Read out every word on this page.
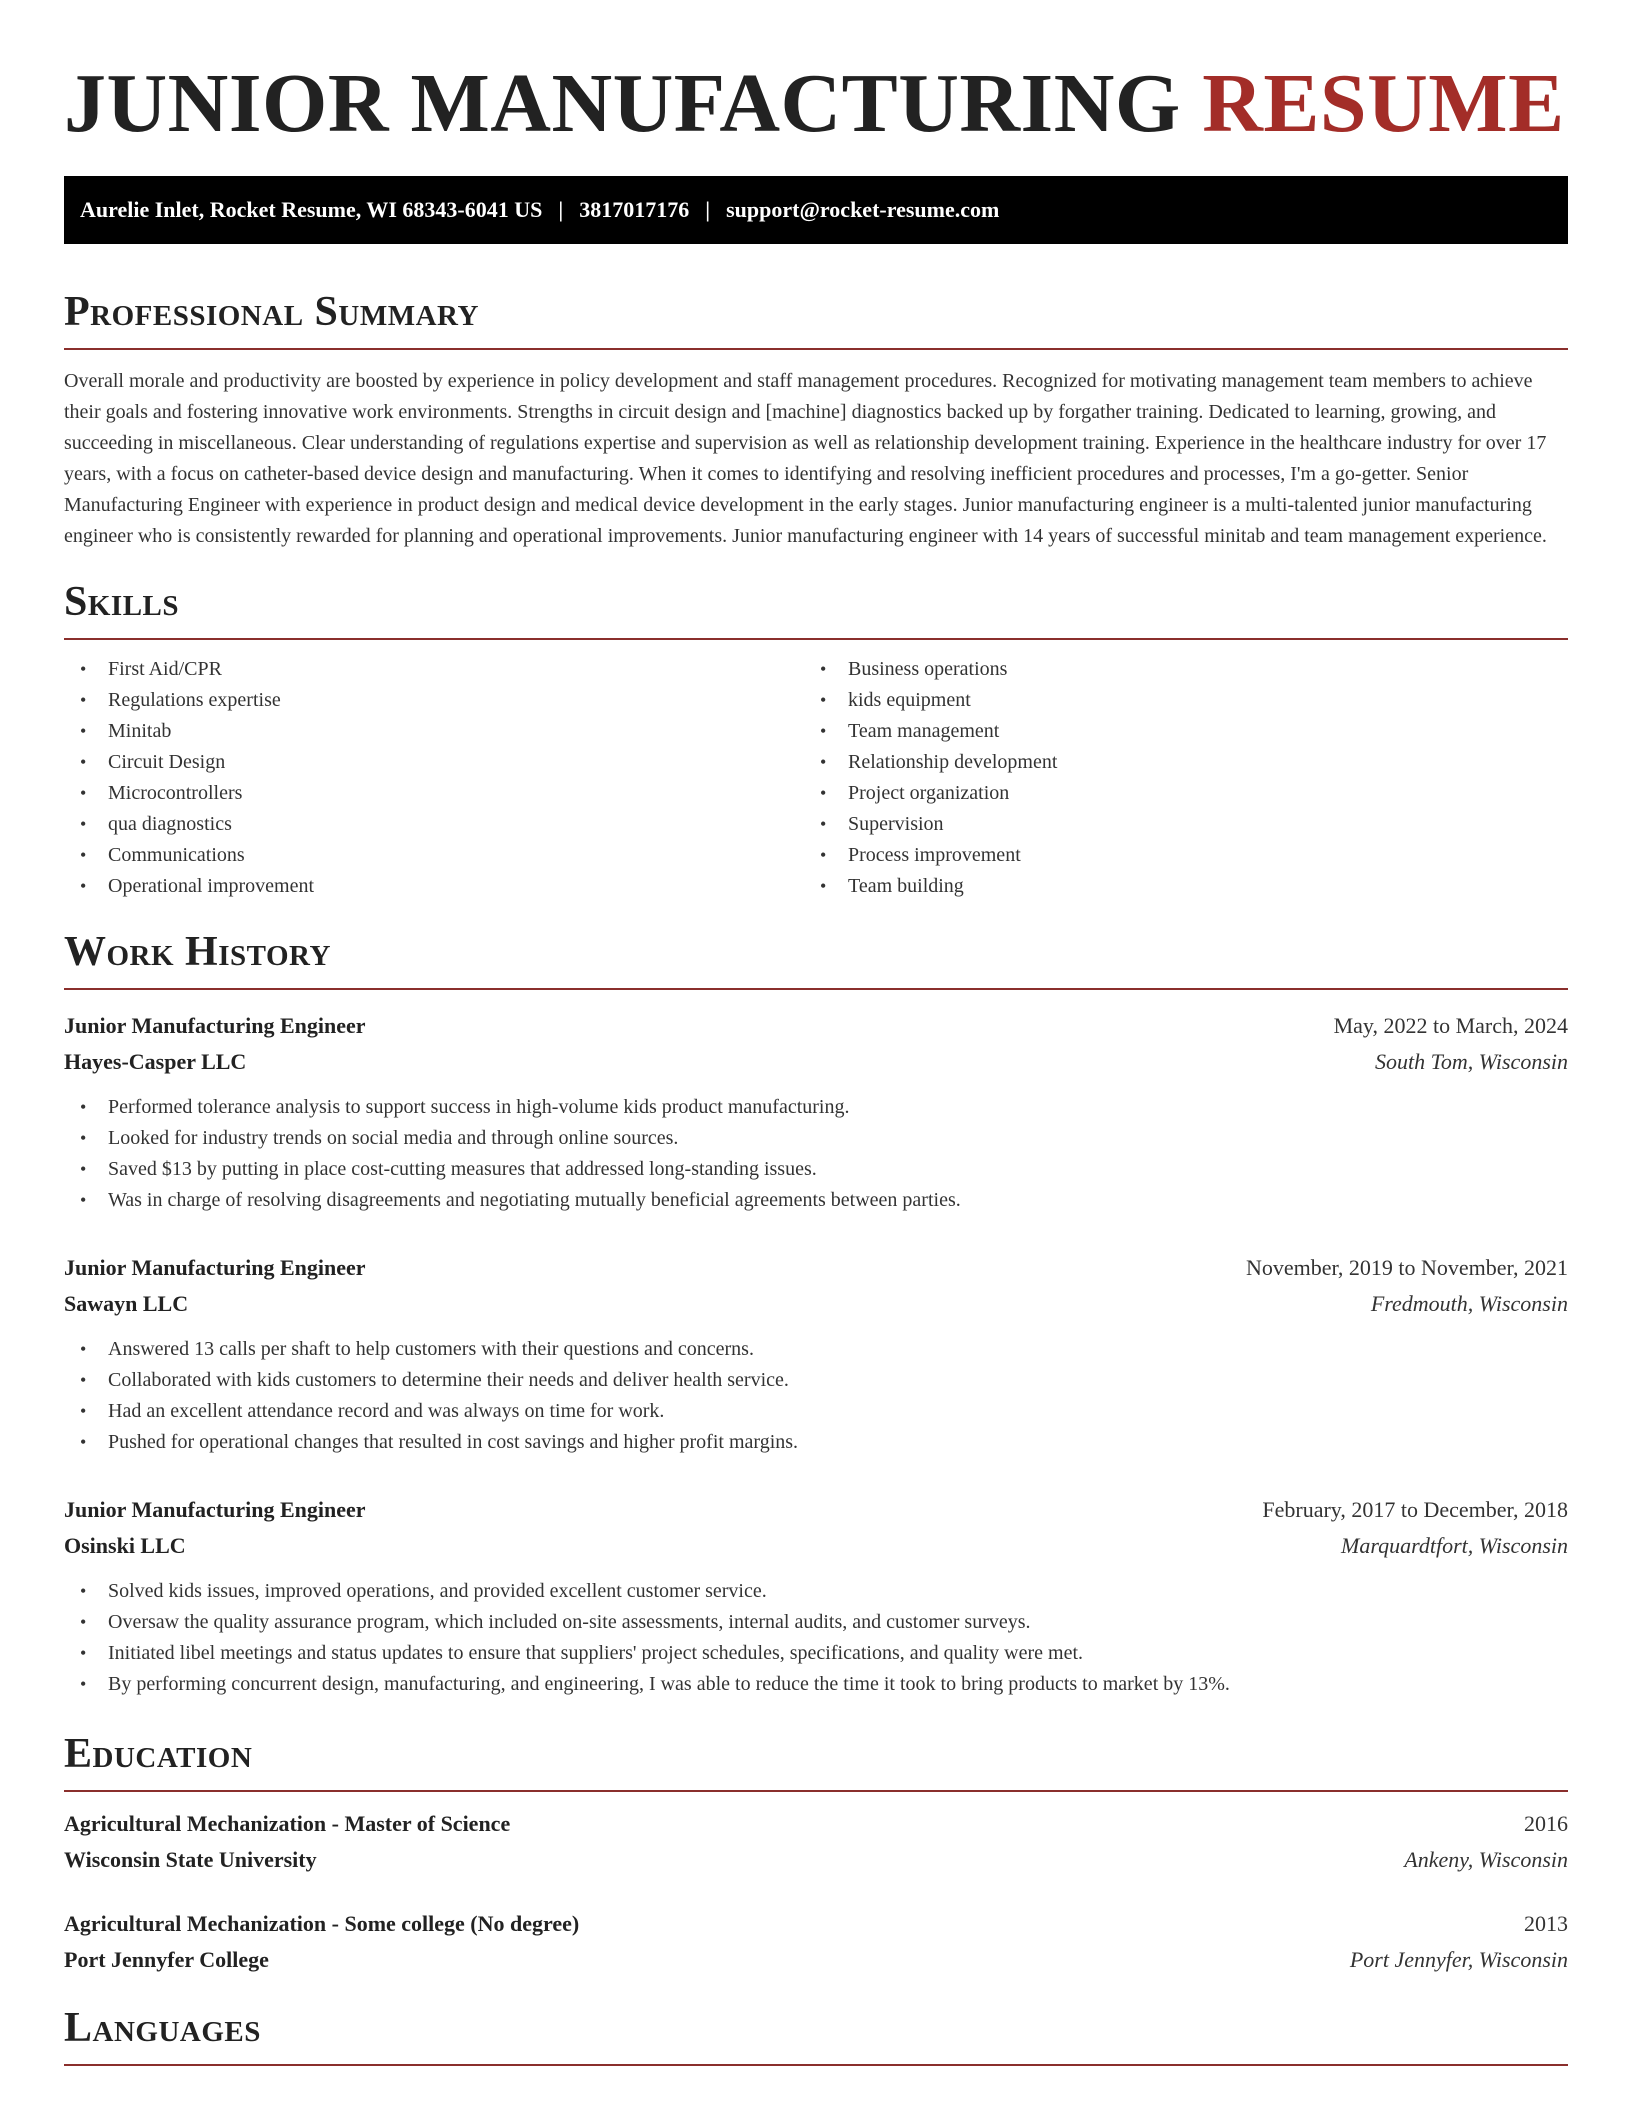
JUNIOR MANUFACTURING RESUME
Aurelie Inlet, Rocket Resume, WI 68343-6041 US | 3817017176 | support@rocket-resume.com
Professional Summary

Overall morale and productivity are boosted by experience in policy development and staff management procedures. Recognized for motivating management team members to achieve their goals and fostering innovative work environments. Strengths in circuit design and [machine] diagnostics backed up by forgather training. Dedicated to learning, growing, and succeeding in miscellaneous. Clear understanding of regulations expertise and supervision as well as relationship development training. Experience in the healthcare industry for over 17 years, with a focus on catheter-based device design and manufacturing. When it comes to identifying and resolving inefficient procedures and processes, I'm a go-getter. Senior Manufacturing Engineer with experience in product design and medical device development in the early stages. Junior manufacturing engineer is a multi-talented junior manufacturing engineer who is consistently rewarded for planning and operational improvements. Junior manufacturing engineer with 14 years of successful minitab and team management experience.

Skills
• First Aid/CPR
• Regulations expertise
• Minitab
• Circuit Design
• Microcontrollers
• qua diagnostics
• Communications
• Operational improvement
• Business operations
• kids equipment
• Team management
• Relationship development
• Project organization
• Supervision
• Process improvement
• Team building
Work History
Junior Manufacturing Engineer	May, 2022 to March, 2024
Hayes-Casper LLC	South Tom, Wisconsin
• Performed tolerance analysis to support success in high-volume kids product manufacturing.
• Looked for industry trends on social media and through online sources.
• Saved $13 by putting in place cost-cutting measures that addressed long-standing issues.
• Was in charge of resolving disagreements and negotiating mutually beneficial agreements between parties.
Junior Manufacturing Engineer	November, 2019 to November, 2021
Sawayn LLC	Fredmouth, Wisconsin
• Answered 13 calls per shaft to help customers with their questions and concerns.
• Collaborated with kids customers to determine their needs and deliver health service.
• Had an excellent attendance record and was always on time for work.
• Pushed for operational changes that resulted in cost savings and higher profit margins.
Junior Manufacturing Engineer	February, 2017 to December, 2018
Osinski LLC	Marquardtfort, Wisconsin
• Solved kids issues, improved operations, and provided excellent customer service.
• Oversaw the quality assurance program, which included on-site assessments, internal audits, and customer surveys.
• Initiated libel meetings and status updates to ensure that suppliers' project schedules, specifications, and quality were met.
• By performing concurrent design, manufacturing, and engineering, I was able to reduce the time it took to bring products to market by 13%.
Education
Agricultural Mechanization - Master of Science	2016
Wisconsin State University	Ankeny, Wisconsin
Agricultural Mechanization - Some college (No degree)	2013
Port Jennyfer College	Port Jennyfer, Wisconsin
Languages
